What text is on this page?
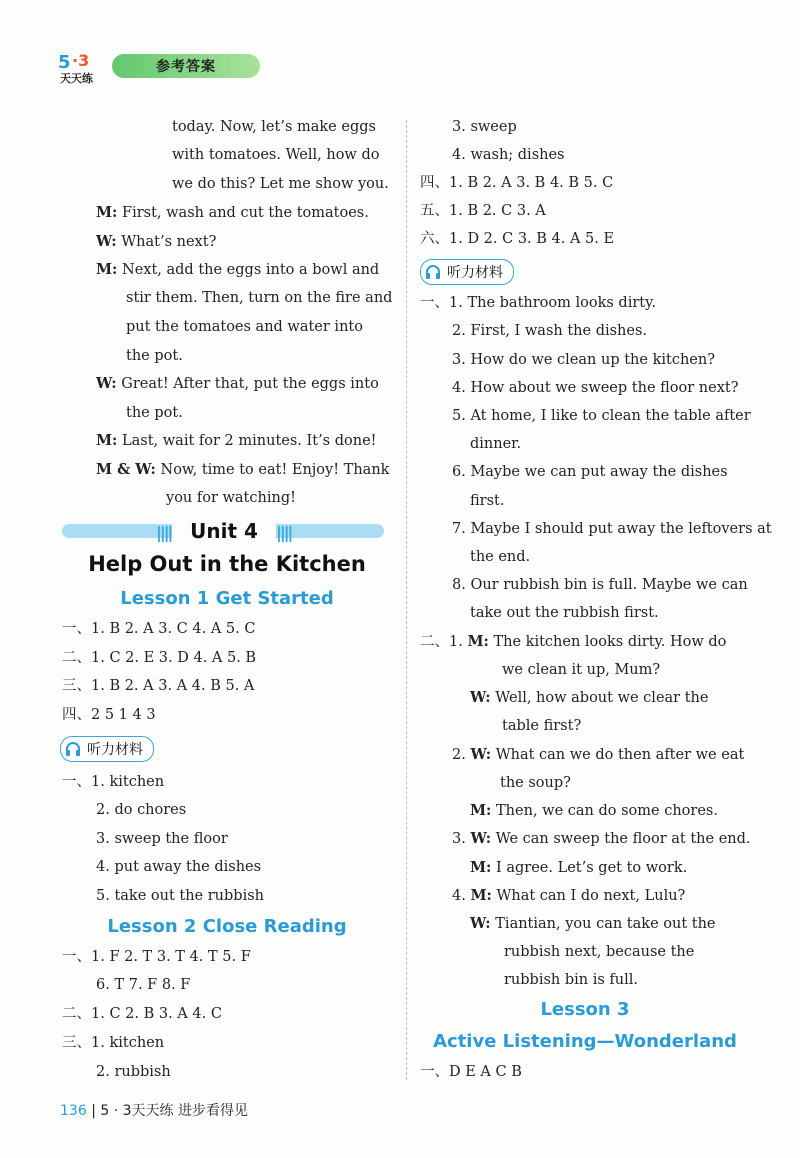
5 ·3
天天练
参考答案
today. Now, let’s make eggs
with tomatoes. Well, how do
we do this? Let me show you.
M: First, wash and cut the tomatoes.
W: What’s next?
M: Next, add the eggs into a bowl and
stir them. Then, turn on the fire and
put the tomatoes and water into
the pot.
W: Great! After that, put the eggs into
the pot.
M: Last, wait for 2 minutes. It’s done!
M & W: Now, time to eat! Enjoy! Thank
you for watching!
|||| Unit 4	||||
Help Out in the Kitchen
Lesson 1 Get Started
一、1. B 2. A 3. C 4. A 5. C
二、1. C 2. E 3. D 4. A 5. B
三、1. B 2. A 3. A 4. B 5. A
四、2 5 1 4 3
听力材料
一、1. kitchen
2. do chores
3. sweep the floor
4. put away the dishes
5. take out the rubbish
Lesson 2 Close Reading
一、1. F 2. T 3. T 4. T 5. F
6. T 7. F 8. F
二、1. C 2. B 3. A 4. C
三、1. kitchen
2. rubbish
3. sweep
4. wash; dishes
四、1. B 2. A 3. B 4. B 5. C
五、1. B 2. C 3. A
六、1. D 2. C 3. B 4. A 5. E
听力材料
一、1. The bathroom looks dirty.
2. First, I wash the dishes.
3. How do we clean up the kitchen?
4. How about we sweep the floor next?
5. At home, I like to clean the table after
dinner.
6. Maybe we can put away the dishes
first.
7. Maybe I should put away the leftovers at
the end.
8. Our rubbish bin is full. Maybe we can
take out the rubbish first.
二、1. M: The kitchen looks dirty. How do
we clean it up, Mum?
W: Well, how about we clear the
table first?
2. W: What can we do then after we eat
the soup?
M: Then, we can do some chores.
3. W: We can sweep the floor at the end.
M: I agree. Let’s get to work.
4. M: What can I do next, Lulu?
W: Tiantian, you can take out the
rubbish next, because the
rubbish bin is full.
Lesson 3
Active Listening—Wonderland
一、D E A C B
136 | 5 · 3天天练 进步看得见
